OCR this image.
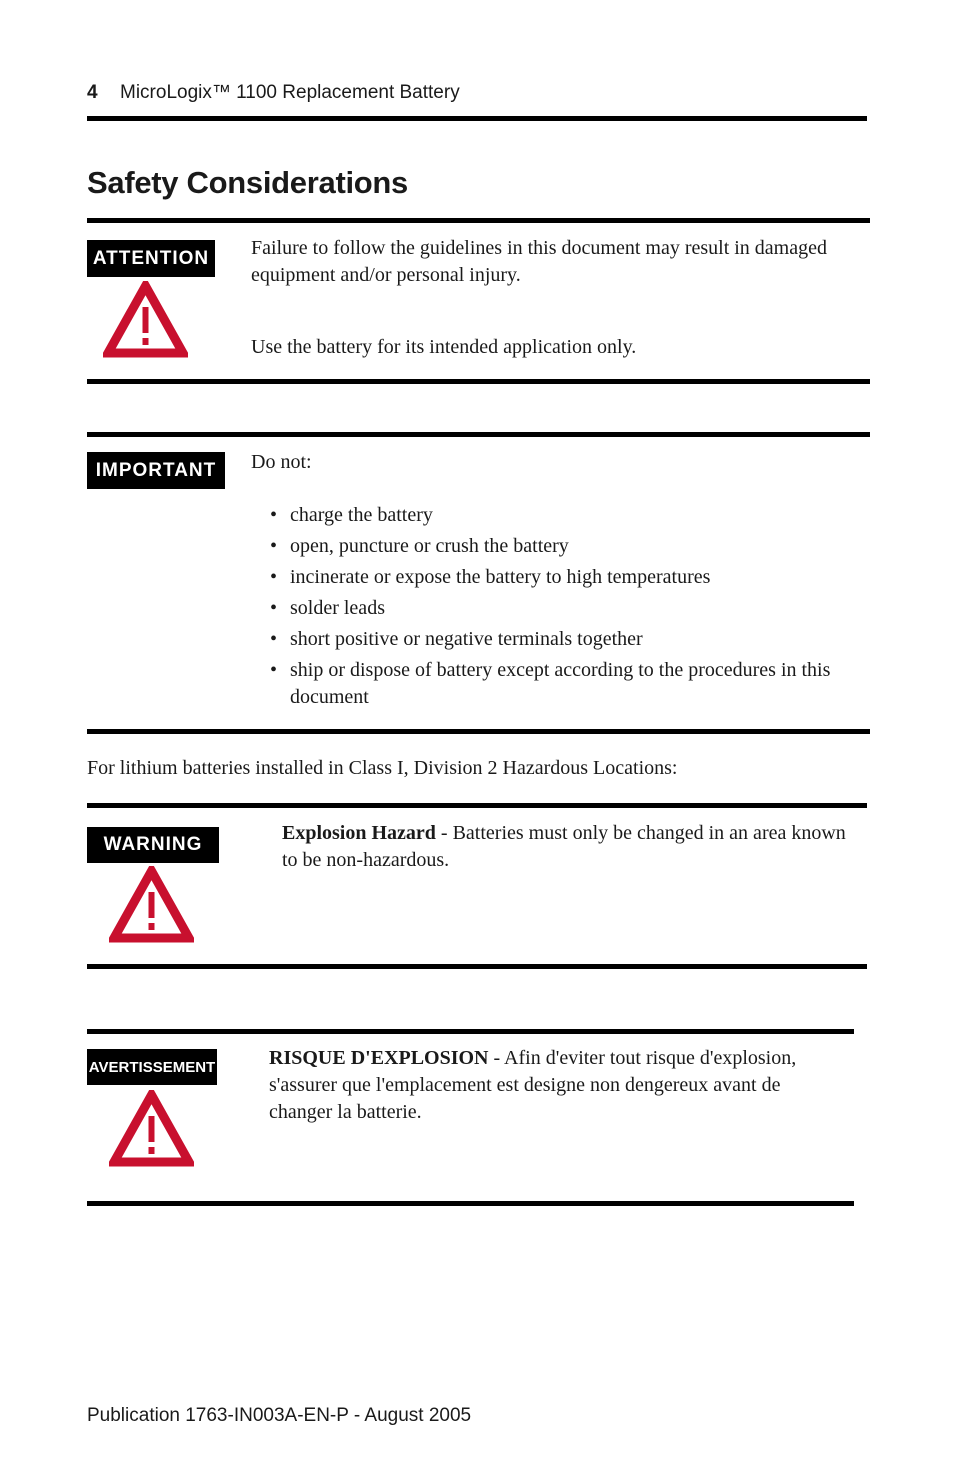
4 MicroLogix™ 1100 Replacement Battery
Safety Considerations
ATTENTION Failure to follow the guidelines in this document may result in damaged equipment and/or personal injury.
Use the battery for its intended application only.
IMPORTANT	Do not:
• charge the battery
• open, puncture or crush the battery
• incinerate or expose the battery to high temperatures
• solder leads
• short positive or negative terminals together
• ship or dispose of battery except according to the procedures in this document
For lithium batteries installed in Class I, Division 2 Hazardous Locations:
WARNING
Explosion Hazard - Batteries must only be changed in an area known to be non-hazardous.
AVERTISSEMENT	RISQUE D'EXPLOSION - Afin d'eviter tout risque d'explosion, s'assurer que l'emplacement est designe non dengereux avant de changer la batterie.
Publication 1763-IN003A-EN-P - August 2005
